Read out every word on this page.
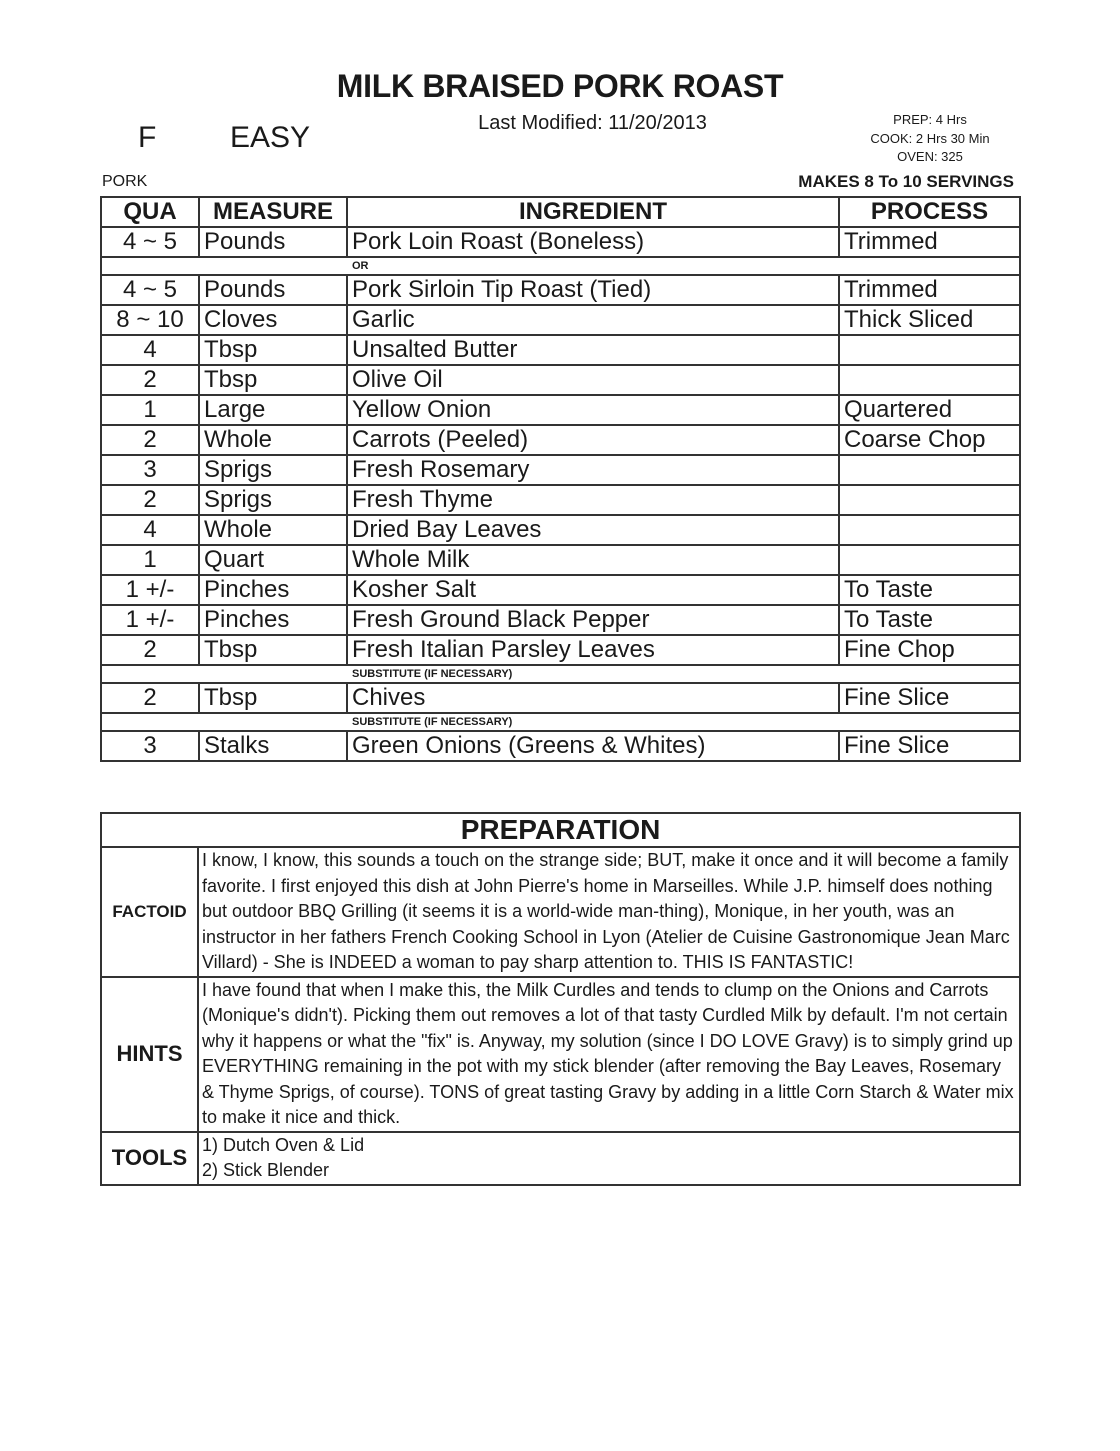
MILK BRAISED PORK ROAST
Last Modified: 11/20/2013
F EASY
PREP: 4 Hrs
COOK: 2 Hrs 30 Min
OVEN: 325
PORK	MAKES 8 To 10 SERVINGS
QUA	MEASURE	INGREDIENT	PROCESS
4 ~ 5	Pounds	Pork Loin Roast (Boneless)	Trimmed
OR			
4 ~ 5	Pounds	Pork Sirloin Tip Roast (Tied)	Trimmed
8 ~ 10	Cloves	Garlic	Thick Sliced
4	Tbsp	Unsalted Butter	
2	Tbsp	Olive Oil	
1	Large	Yellow Onion	Quartered
2	Whole	Carrots (Peeled)	Coarse Chop
3	Sprigs	Fresh Rosemary	
2	Sprigs	Fresh Thyme	
4	Whole	Dried Bay Leaves	
1	Quart	Whole Milk	
1 +/-	Pinches	Kosher Salt	To Taste
1 +/-	Pinches	Fresh Ground Black Pepper	To Taste
2	Tbsp	Fresh Italian Parsley Leaves	Fine Chop
SUBSTITUTE (IF NECESSARY)			
2	Tbsp	Chives	Fine Slice
SUBSTITUTE (IF NECESSARY)			
3	Stalks	Green Onions (Greens & Whites)	Fine Slice
PREPARATION	
FACTOID	I know, I know, this sounds a touch on the strange side; BUT, make it once and it will become a family favorite. I first enjoyed this dish at John Pierre's home in Marseilles. While J.P. himself does nothing but outdoor BBQ Grilling (it seems it is a world-wide man-thing), Monique, in her youth, was an instructor in her fathers French Cooking School in Lyon (Atelier de Cuisine Gastronomique Jean Marc Villard) - She is INDEED a woman to pay sharp attention to. THIS IS FANTASTIC!
HINTS	I have found that when I make this, the Milk Curdles and tends to clump on the Onions and Carrots (Monique's didn't). Picking them out removes a lot of that tasty Curdled Milk by default. I'm not certain why it happens or what the "fix" is. Anyway, my solution (since I DO LOVE Gravy) is to simply grind up EVERYTHING remaining in the pot with my stick blender (after removing the Bay Leaves, Rosemary & Thyme Sprigs, of course). TONS of great tasting Gravy by adding in a little Corn Starch & Water mix to make it nice and thick.
TOOLS	1) Dutch Oven & Lid
2) Stick Blender
